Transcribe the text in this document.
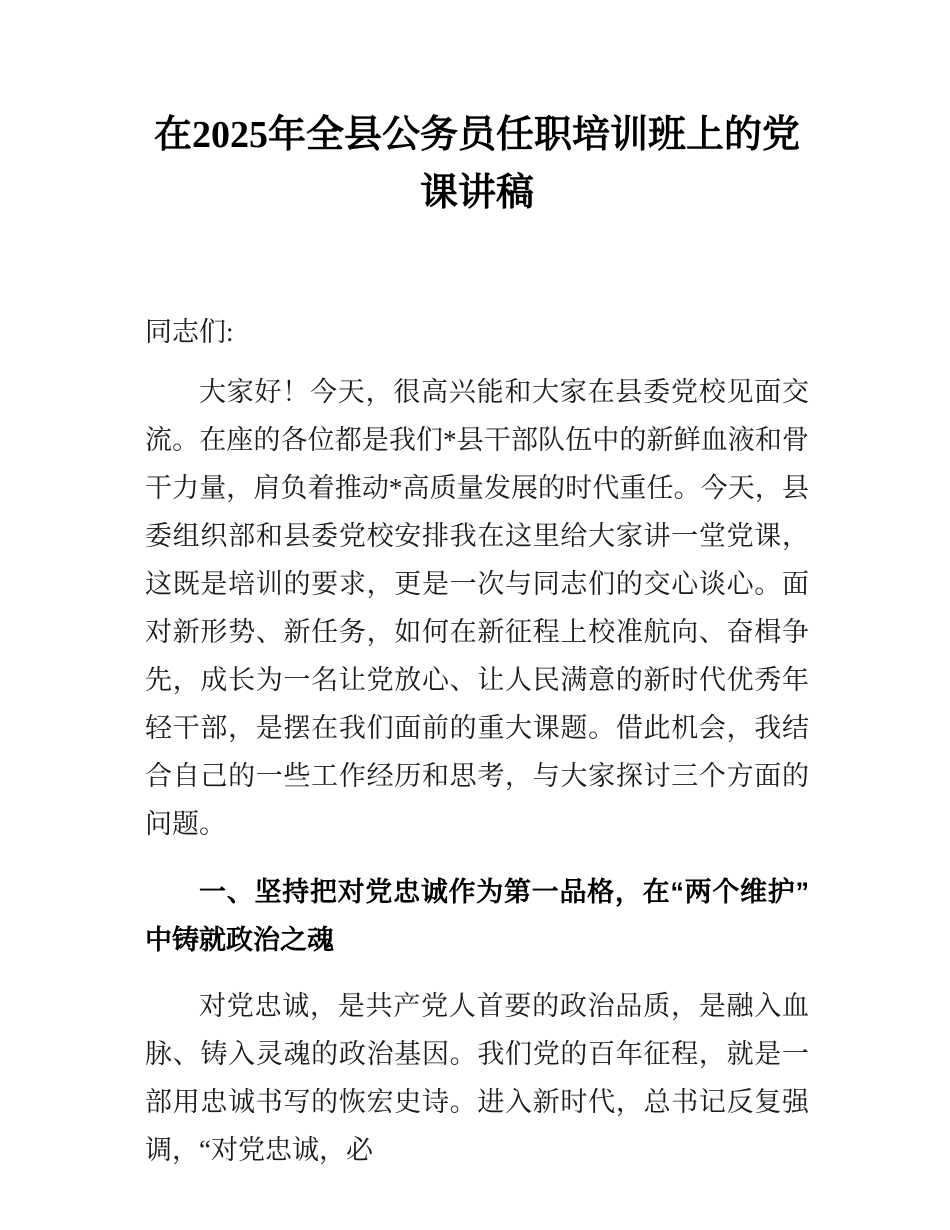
在2025年全县公务员任职培训班上的党课讲稿

同志们:

大家好！今天，很高兴能和大家在县委党校见面交流。在座的各位都是我们*县干部队伍中的新鲜血液和骨干力量，肩负着推动*高质量发展的时代重任。今天，县委组织部和县委党校安排我在这里给大家讲一堂党课，这既是培训的要求，更是一次与同志们的交心谈心。面对新形势、新任务，如何在新征程上校准航向、奋楫争先，成长为一名让党放心、让人民满意的新时代优秀年轻干部，是摆在我们面前的重大课题。借此机会，我结合自己的一些工作经历和思考，与大家探讨三个方面的问题。

一、坚持把对党忠诚作为第一品格，在“两个维护”中铸就政治之魂

对党忠诚，是共产党人首要的政治品质，是融入血脉、铸入灵魂的政治基因。我们党的百年征程，就是一部用忠诚书写的恢宏史诗。进入新时代，总书记反复强调，“对党忠诚，必
